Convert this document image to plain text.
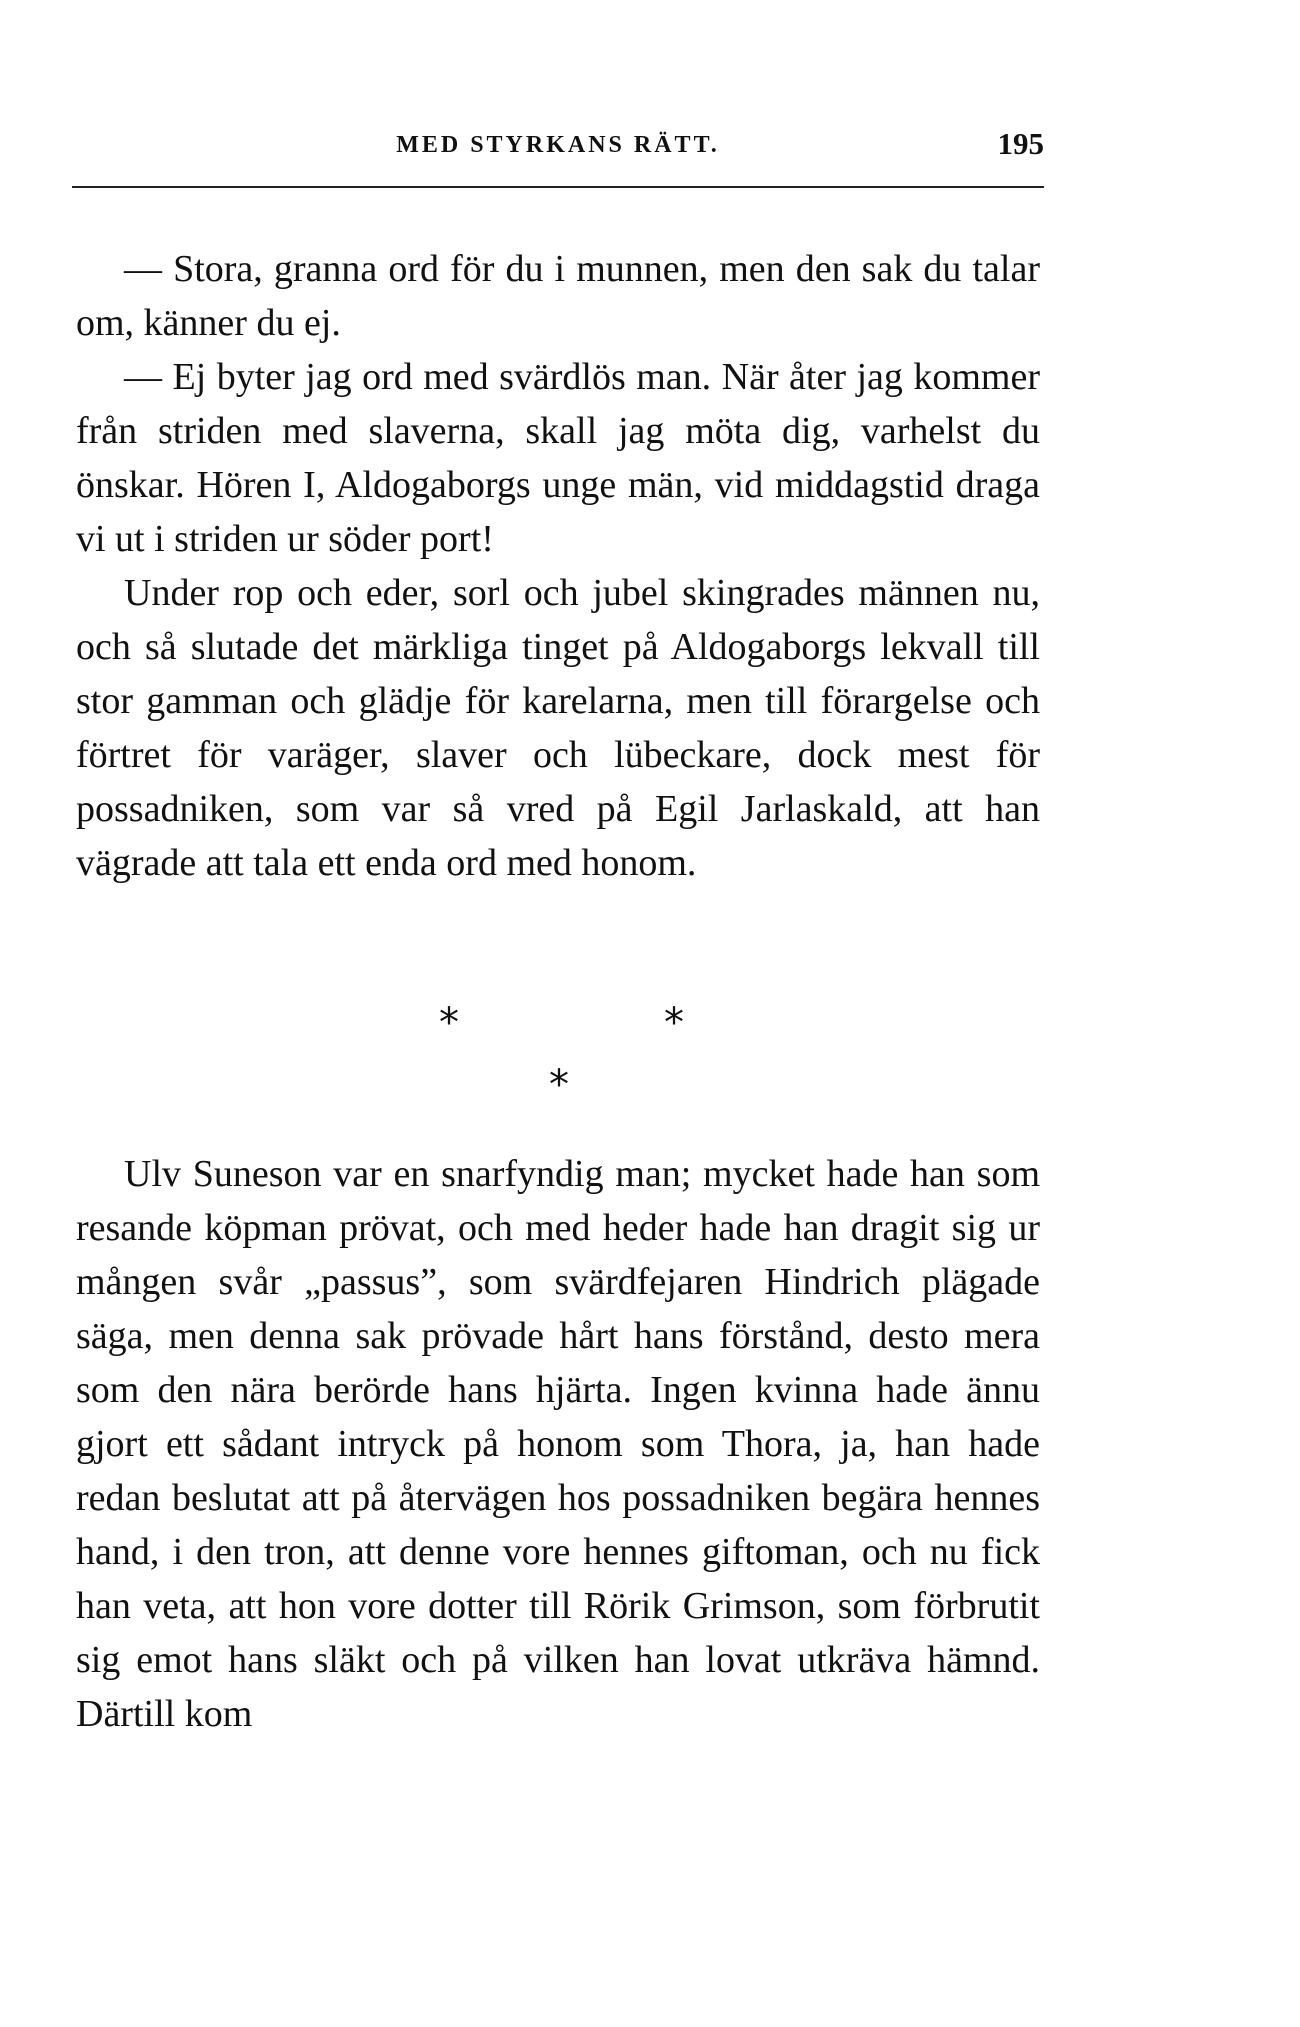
MED STYRKANS RÄTT.	195

— Stora, granna ord för du i munnen, men den sak du talar om, känner du ej.

— Ej byter jag ord med svärdlös man. När åter jag kommer från striden med slaverna, skall jag möta dig, varhelst du önskar. Hören I, Aldogaborgs unge män, vid middagstid draga vi ut i striden ur söder port!

Under rop och eder, sorl och jubel skingrades männen nu, och så slutade det märkliga tinget på Aldogaborgs lekvall till stor gamman och glädje för karelarna, men till förargelse och förtret för varäger, slaver och lübeckare, dock mest för possadniken, som var så vred på Egil Jarlaskald, att han vägrade att tala ett enda ord med honom.

*	*
*

Ulv Suneson var en snarfyndig man; mycket hade han som resande köpman prövat, och med heder hade han dragit sig ur mången svår „passus”, som svärdfejaren Hindrich plägade säga, men denna sak prövade hårt hans förstånd, desto mera som den nära berörde hans hjärta. Ingen kvinna hade ännu gjort ett sådant intryck på honom som Thora, ja, han hade redan beslutat att på återvägen hos possadniken begära hennes hand, i den tron, att denne vore hennes giftoman, och nu fick han veta, att hon vore dotter till Rörik Grimson, som förbrutit sig emot hans släkt och på vilken han lovat utkräva hämnd. Därtill kom
